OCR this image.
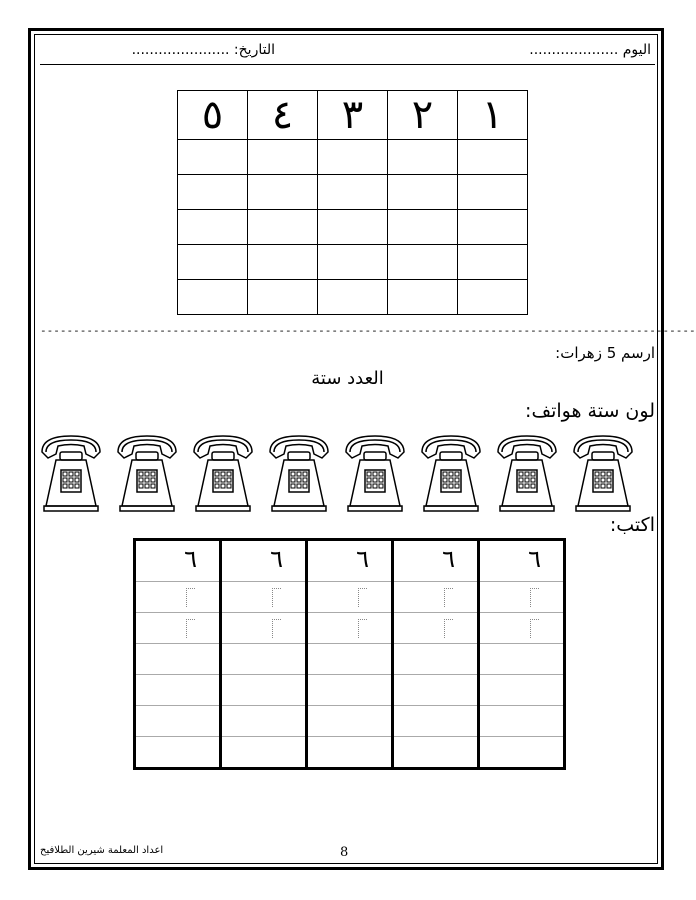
اليوم ....................
التاريخ: ......................
٥	٤	٣	٢	١

---------------------------------------------------------------------------------------------------
ارسم 5 زهرات:
العدد ستة
لون ستة هواتف:
اكتب:
٦	٦	٦	٦	٦

اعداد المعلمة شيرين الطلافيح	8
